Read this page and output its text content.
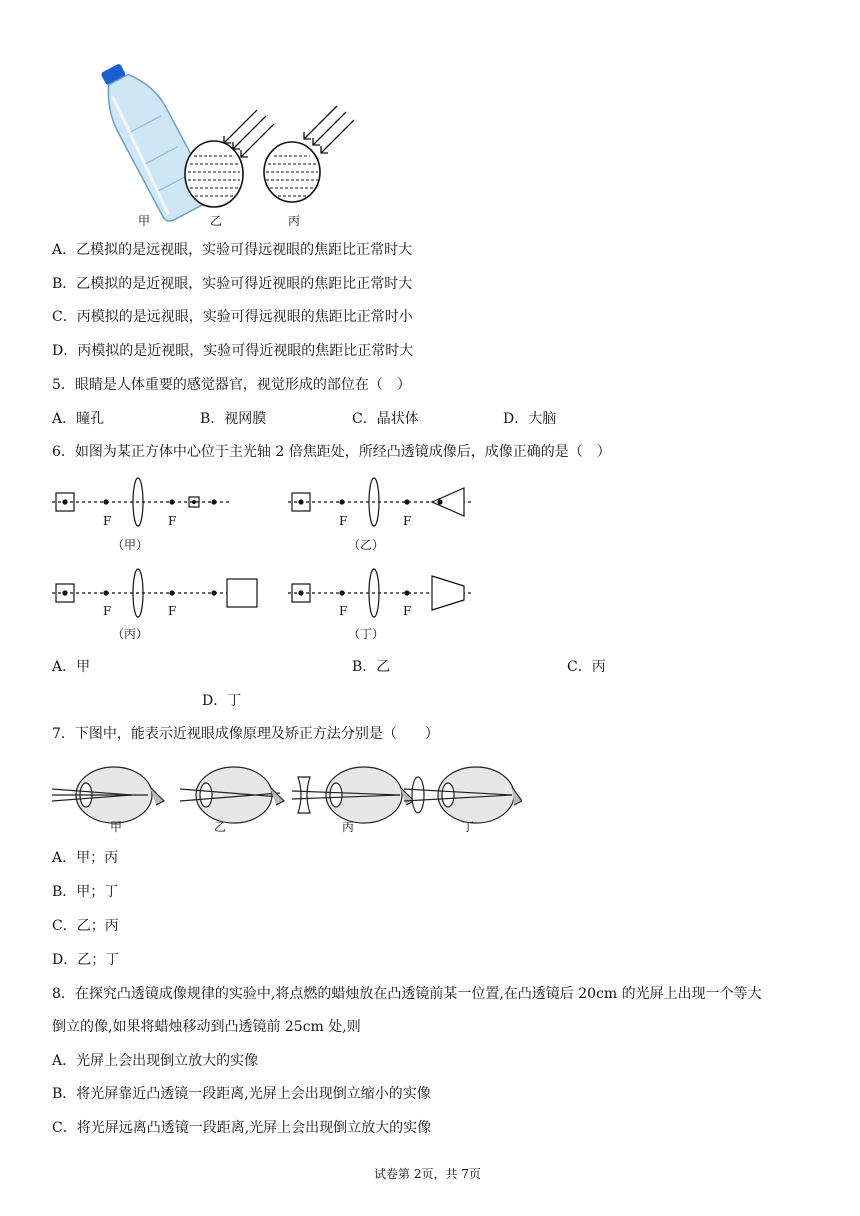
甲	乙	丙
A．乙模拟的是远视眼，实验可得远视眼的焦距比正常时大
B．乙模拟的是近视眼，实验可得近视眼的焦距比正常时大
C．丙模拟的是远视眼，实验可得远视眼的焦距比正常时小
D．丙模拟的是近视眼，实验可得近视眼的焦距比正常时大
5．眼睛是人体重要的感觉器官，视觉形成的部位在（　）
A．瞳孔	B．视网膜	C．晶状体	D．大脑
6．如图为某正方体中心位于主光轴 2 倍焦距处，所经凸透镜成像后，成像正确的是（　）
F	F	F	F
F	F	F	F
（甲）	（乙）
（丙）	（丁）
A．甲	B．乙	C．丙
D．丁
7．下图中，能表示近视眼成像原理及矫正方法分别是（　　）
甲	乙	丙	丁
A．甲；丙
B．甲；丁
C．乙；丙
D．乙；丁
8．在探究凸透镜成像规律的实验中,将点燃的蜡烛放在凸透镜前某一位置,在凸透镜后 20cm 的光屏上出现一个等大
倒立的像,如果将蜡烛移动到凸透镜前 25cm 处,则
A．光屏上会出现倒立放大的实像
B．将光屏靠近凸透镜一段距离,光屏上会出现倒立缩小的实像
C．将光屏远离凸透镜一段距离,光屏上会出现倒立放大的实像
试卷第 2页，共 7页
